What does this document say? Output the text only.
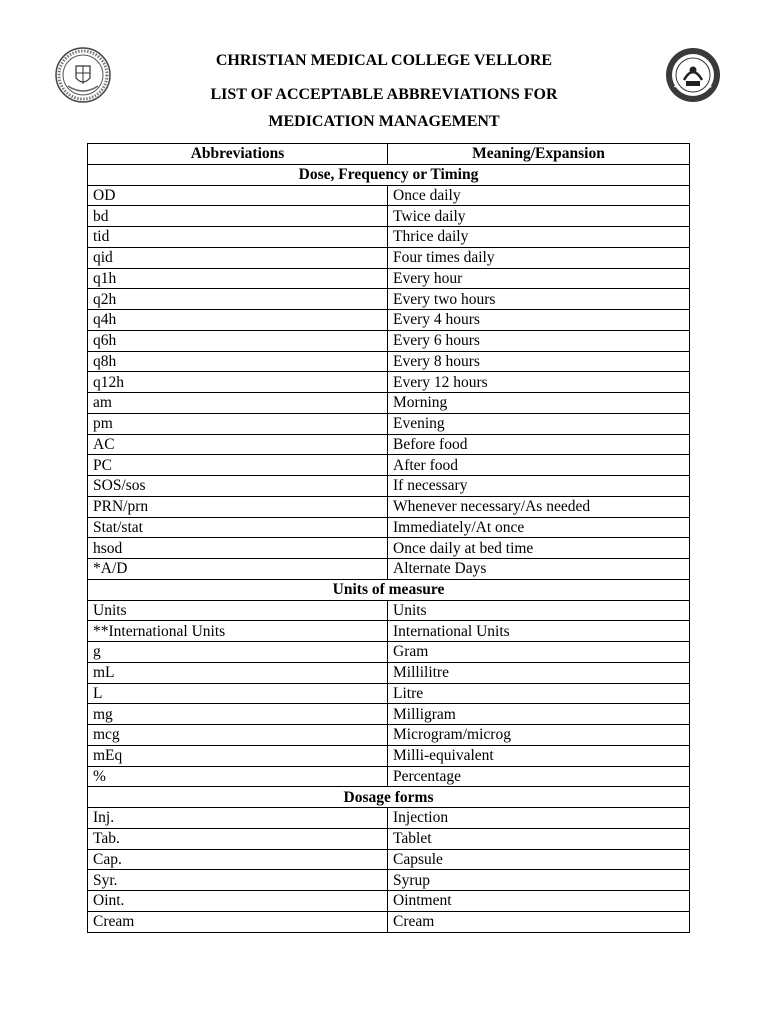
CHRISTIAN MEDICAL COLLEGE VELLORE
LIST OF ACCEPTABLE ABBREVIATIONS FOR
MEDICATION MANAGEMENT
Abbreviations	Meaning/Expansion
Dose, Frequency or Timing	
OD	Once daily
bd	Twice daily
tid	Thrice daily
qid	Four times daily
q1h	Every hour
q2h	Every two hours
q4h	Every 4 hours
q6h	Every 6 hours
q8h	Every 8 hours
q12h	Every 12 hours
am	Morning
pm	Evening
AC	Before food
PC	After food
SOS/sos	If necessary
PRN/prn	Whenever necessary/As needed
Stat/stat	Immediately/At once
hsod	Once daily at bed time
*A/D	Alternate Days
Units of measure	
Units	Units
**International Units	International Units
g	Gram
mL	Millilitre
L	Litre
mg	Milligram
mcg	Microgram/microg
mEq	Milli-equivalent
%	Percentage
Dosage forms	
Inj.	Injection
Tab.	Tablet
Cap.	Capsule
Syr.	Syrup
Oint.	Ointment
Cream	Cream
